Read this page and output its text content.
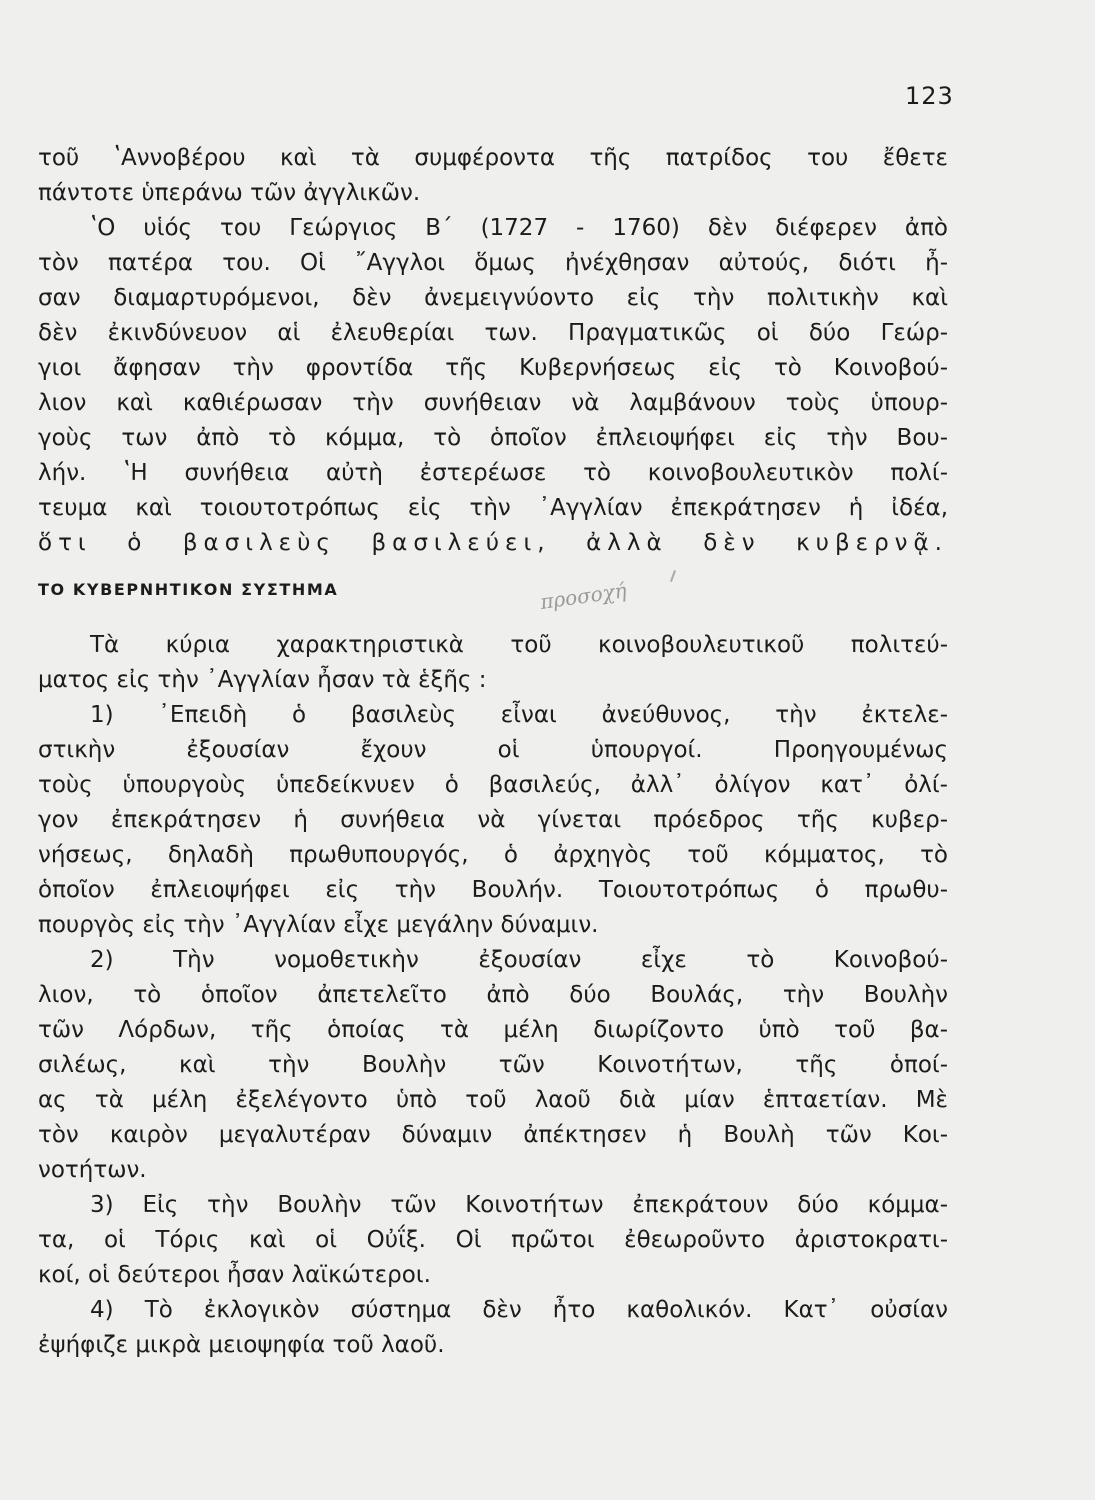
123
τοῦ ʽΑννοβέρου καὶ τὰ συμφέροντα τῆς πατρίδος του ἔθετε
πάντοτε ὑπεράνω τῶν ἀγγλικῶν.
ʽΟ υἱός του Γεώργιος Β΄ (1727 - 1760) δὲν διέφερεν ἀπὸ
τὸν πατέρα του. Οἱ ῎Αγγλοι ὅμως ἠνέχθησαν αὐτούς, διότι ἦ-
σαν διαμαρτυρόμενοι, δὲν ἀνεμειγνύοντο εἰς τὴν πολιτικὴν καὶ
δὲν ἐκινδύνευον αἱ ἐλευθερίαι των. Πραγματικῶς οἱ δύο Γεώρ-
γιοι ἄφησαν τὴν φροντίδα τῆς Κυβερνήσεως εἰς τὸ Κοινοβού-
λιον καὶ καθιέρωσαν τὴν συνήθειαν νὰ λαμβάνουν τοὺς ὑπουρ-
γοὺς των ἀπὸ τὸ κόμμα, τὸ ὁποῖον ἐπλειοψήφει εἰς τὴν Βου-
λήν. ʽΗ συνήθεια αὐτὴ ἐστερέωσε τὸ κοινοβουλευτικὸν πολί-
τευμα καὶ τοιουτοτρόπως εἰς τὴν ᾿Αγγλίαν ἐπεκράτησεν ἡ ἰδέα,
ὅτι ὁ βασιλεὺς βασιλεύει, ἀλλὰ δὲν κυβερνᾷ.
ΤΟ ΚΥΒΕΡΝΗΤΙΚΟΝ ΣΥΣΤΗΜΑ	προσοχή
Τὰ κύρια χαρακτηριστικὰ τοῦ κοινοβουλευτικοῦ πολιτεύ-
ματος εἰς τὴν ᾿Αγγλίαν ἦσαν τὰ ἑξῆς :
1) ᾿Επειδὴ ὁ βασιλεὺς εἶναι ἀνεύθυνος, τὴν ἐκτελε-
στικὴν ἐξουσίαν ἔχουν οἱ ὑπουργοί. Προηγουμένως
τοὺς ὑπουργοὺς ὑπεδείκνυεν ὁ βασιλεύς, ἀλλ᾿ ὀλίγον κατ᾿ ὀλί-
γον ἐπεκράτησεν ἡ συνήθεια νὰ γίνεται πρόεδρος τῆς κυβερ-
νήσεως, δηλαδὴ πρωθυπουργός, ὁ ἀρχηγὸς τοῦ κόμματος, τὸ
ὁποῖον ἐπλειοψήφει εἰς τὴν Βουλήν. Τοιουτοτρόπως ὁ πρωθυ-
πουργὸς εἰς τὴν ᾿Αγγλίαν εἶχε μεγάλην δύναμιν.
2) Τὴν νομοθετικὴν ἐξουσίαν εἶχε τὸ Κοινοβού-
λιον, τὸ ὁποῖον ἀπετελεῖτο ἀπὸ δύο Βουλάς, τὴν Βουλὴν
τῶν Λόρδων, τῆς ὁποίας τὰ μέλη διωρίζοντο ὑπὸ τοῦ βα-
σιλέως, καὶ τὴν Βουλὴν τῶν Κοινοτήτων, τῆς ὁποί-
ας τὰ μέλη ἐξελέγοντο ὑπὸ τοῦ λαοῦ διὰ μίαν ἑπταετίαν. Μὲ
τὸν καιρὸν μεγαλυτέραν δύναμιν ἀπέκτησεν ἡ Βουλὴ τῶν Κοι-
νοτήτων.
3) Εἰς τὴν Βουλὴν τῶν Κοινοτήτων ἐπεκράτουν δύο κόμμα-
τα, οἱ Τόρις καὶ οἱ Οὐΐξ. Οἱ πρῶτοι ἐθεωροῦντο ἀριστοκρατι-
κοί, οἱ δεύτεροι ἦσαν λαϊκώτεροι.
4) Τὸ ἐκλογικὸν σύστημα δὲν ἦτο καθολικόν. Κατ᾿ οὐσίαν
ἐψήφιζε μικρὰ μειοψηφία τοῦ λαοῦ.
